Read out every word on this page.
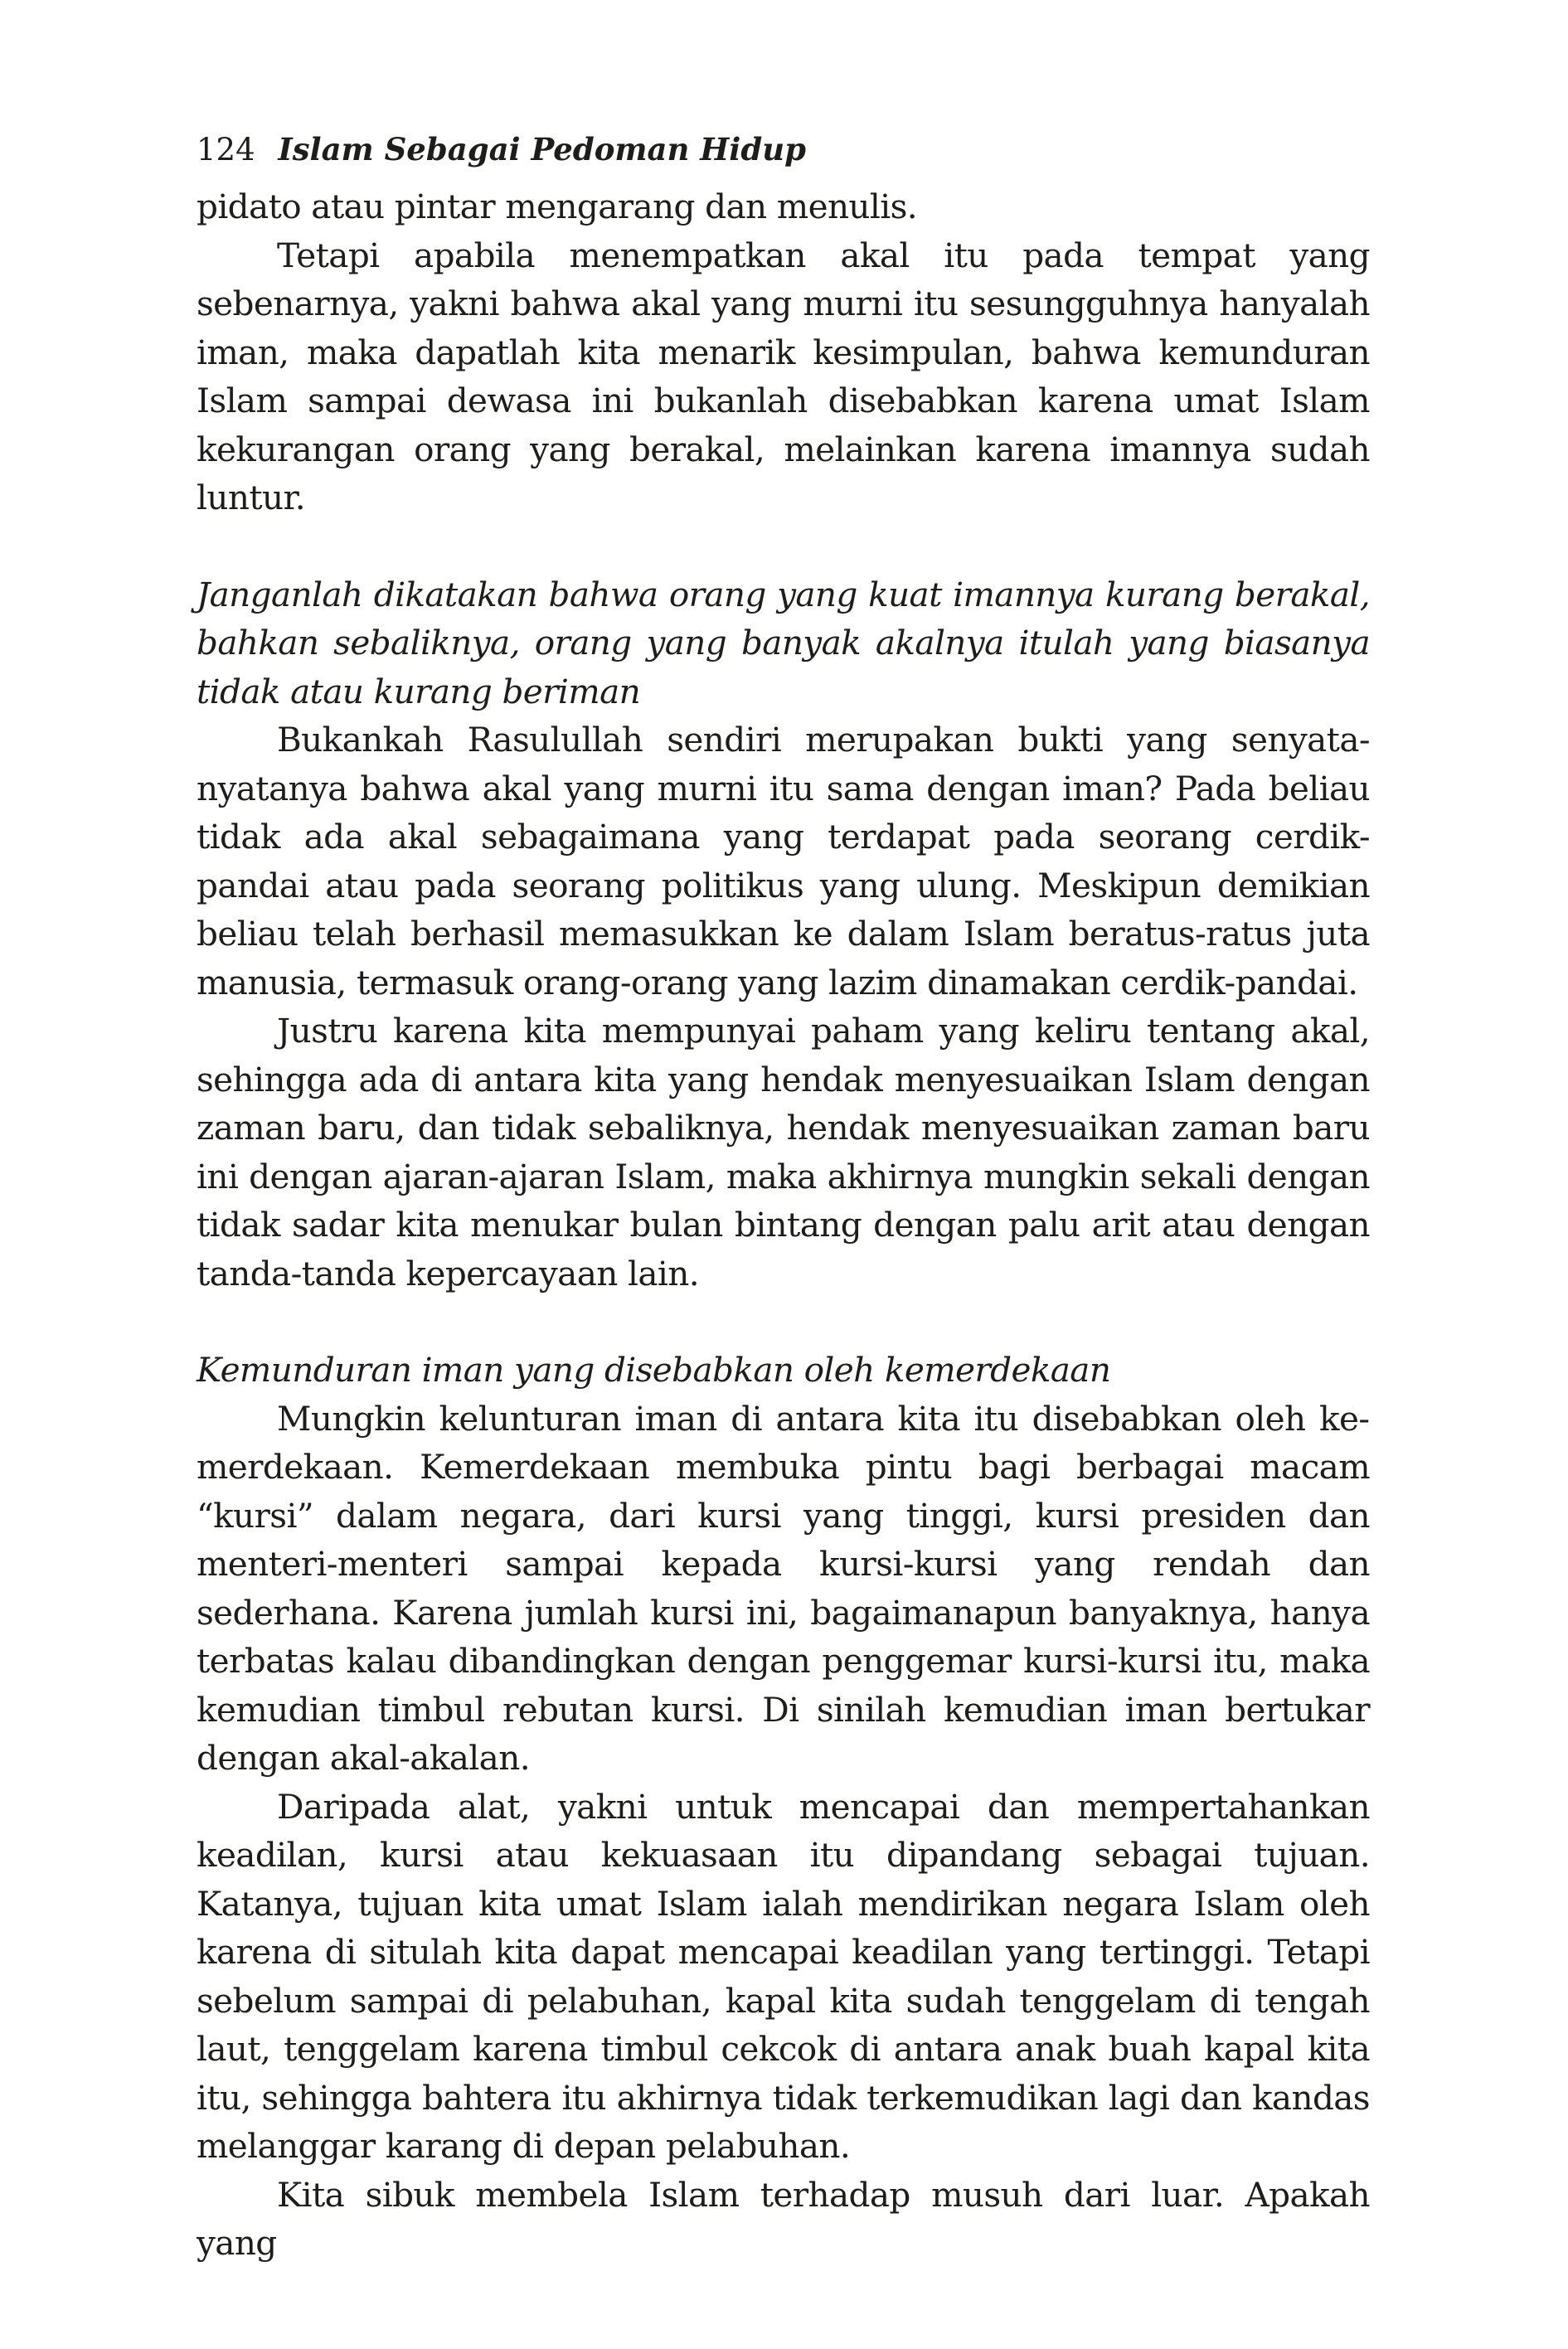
124 Islam Sebagai Pedoman Hidup

pidato atau pintar mengarang dan menulis.

Tetapi apabila menempatkan akal itu pada tempat yang sebenarnya, yakni bahwa akal yang murni itu sesungguhnya hanyalah iman, maka dapatlah kita menarik kesimpulan, bahwa kemunduran Islam sampai dewasa ini bukanlah disebabkan karena umat Islam kekurangan orang yang berakal, melainkan karena imannya sudah luntur.

Janganlah dikatakan bahwa orang yang kuat imannya kurang berakal, bahkan sebaliknya, orang yang banyak akalnya itulah yang biasanya tidak atau kurang beriman

Bukankah Rasulullah sendiri merupakan bukti yang senyata-nyatanya bahwa akal yang murni itu sama dengan iman? Pada beliau tidak ada akal sebagaimana yang terdapat pada seorang cerdik-pandai atau pada seorang politikus yang ulung. Meskipun demikian beliau telah berhasil memasukkan ke dalam Islam beratus-ratus juta manusia, termasuk orang-orang yang lazim dinamakan cerdik-pandai.

Justru karena kita mempunyai paham yang keliru tentang akal, sehingga ada di antara kita yang hendak menyesuaikan Islam dengan zaman baru, dan tidak sebaliknya, hendak menyesuaikan zaman baru ini dengan ajaran-ajaran Islam, maka akhirnya mungkin sekali dengan tidak sadar kita menukar bulan bintang dengan palu arit atau dengan tanda-tanda kepercayaan lain.

Kemunduran iman yang disebabkan oleh kemerdekaan

Mungkin kelunturan iman di antara kita itu disebabkan oleh kemerdekaan. Kemerdekaan membuka pintu bagi berbagai macam “kursi” dalam negara, dari kursi yang tinggi, kursi presiden dan menteri-menteri sampai kepada kursi-kursi yang rendah dan sederhana. Karena jumlah kursi ini, bagaimanapun banyaknya, hanya terbatas kalau dibandingkan dengan penggemar kursi-kursi itu, maka kemudian timbul rebutan kursi. Di sinilah kemudian iman bertukar dengan akal-akalan.

Daripada alat, yakni untuk mencapai dan mempertahankan keadilan, kursi atau kekuasaan itu dipandang sebagai tujuan. Katanya, tujuan kita umat Islam ialah mendirikan negara Islam oleh karena di situlah kita dapat mencapai keadilan yang tertinggi. Tetapi sebelum sampai di pelabuhan, kapal kita sudah tenggelam di tengah laut, tenggelam karena timbul cekcok di antara anak buah kapal kita itu, sehingga bahtera itu akhirnya tidak terkemudikan lagi dan kandas melanggar karang di depan pelabuhan.

Kita sibuk membela Islam terhadap musuh dari luar. Apakah yang
